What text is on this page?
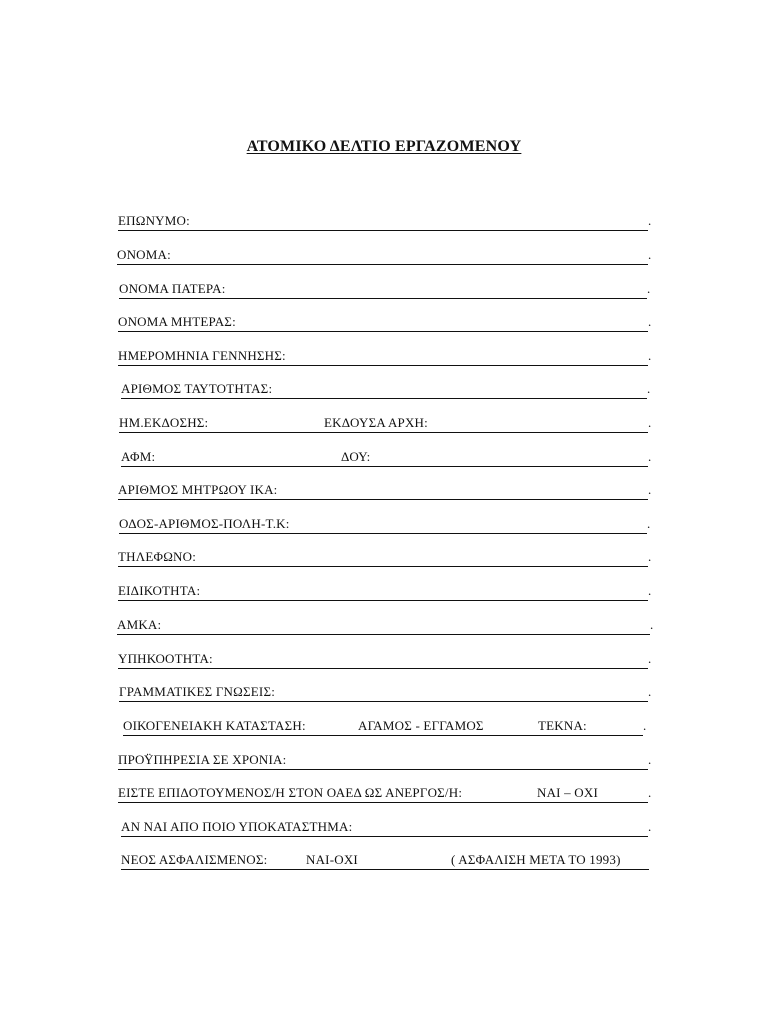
ΑΤΟΜΙΚΟ ΔΕΛΤΙΟ ΕΡΓΑΖΟΜΕΝΟΥ
ΕΠΩΝΥΜΟ:	.
ΟΝΟΜΑ:	.
ΟΝΟΜΑ ΠΑΤΕΡΑ:	.
ΟΝΟΜΑ ΜΗΤΕΡΑΣ:	.
ΗΜΕΡΟΜΗΝΙΑ ΓΕΝΝΗΣΗΣ:	.
ΑΡΙΘΜΟΣ ΤΑΥΤΟΤΗΤΑΣ:	.
ΗΜ.ΕΚΔΟΣΗΣ:	ΕΚΔΟΥΣΑ ΑΡΧΗ:	.
ΑΦΜ:	ΔΟΥ:	.
ΑΡΙΘΜΟΣ ΜΗΤΡΩΟΥ ΙΚΑ:	.
ΟΔΟΣ-ΑΡΙΘΜΟΣ-ΠΟΛΗ-Τ.Κ:	.
ΤΗΛΕΦΩΝΟ:	.
ΕΙΔΙΚΟΤΗΤΑ:	.
ΑΜΚΑ:	.
ΥΠΗΚΟΟΤΗΤΑ:	.
ΓΡΑΜΜΑΤΙΚΕΣ ΓΝΩΣΕΙΣ:	.
ΟΙΚΟΓΕΝΕΙΑΚΗ ΚΑΤΑΣΤΑΣΗ:	ΑΓΑΜΟΣ - ΕΓΓΑΜΟΣ	ΤΕΚΝΑ:	.
ΠΡΟΫΠΗΡΕΣΙΑ ΣΕ ΧΡΟΝΙΑ:	.
ΕΙΣΤΕ ΕΠΙΔΟΤΟΥΜΕΝΟΣ/Η ΣΤΟΝ ΟΑΕΔ ΩΣ ΑΝΕΡΓΟΣ/Η:	ΝΑΙ – ΟΧΙ	.
ΑΝ ΝΑΙ ΑΠΟ ΠΟΙΟ ΥΠΟΚΑΤΑΣΤΗΜΑ:	.
ΝΕΟΣ ΑΣΦΑΛΙΣΜΕΝΟΣ:	ΝΑΙ-ΟΧΙ	( ΑΣΦΑΛΙΣΗ ΜΕΤΑ ΤΟ 1993)
